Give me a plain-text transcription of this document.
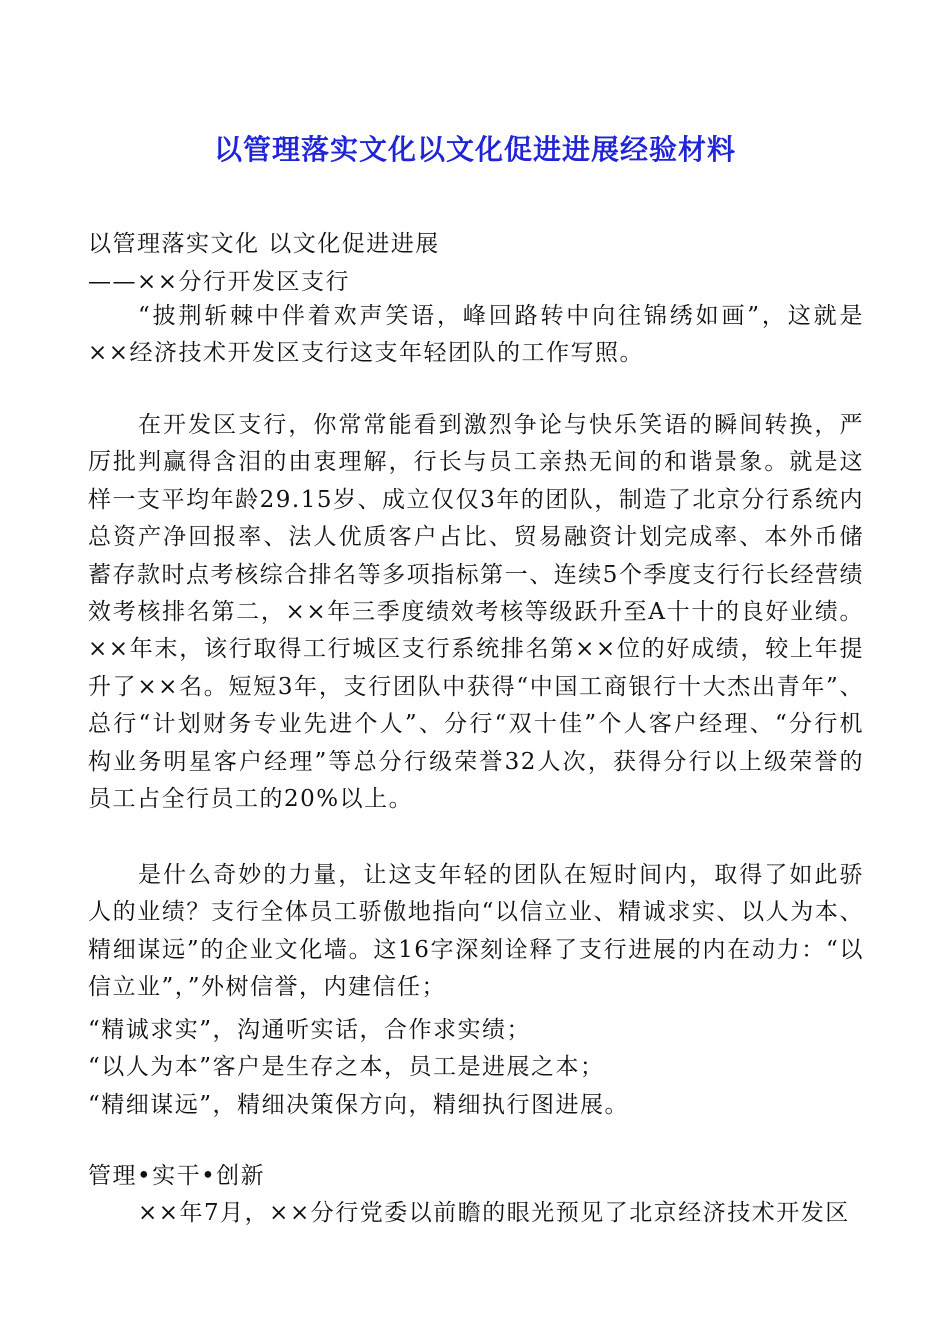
以管理落实文化以文化促进进展经验材料

以管理落实文化 以文化促进进展

——××分行开发区支行

“披荆斩棘中伴着欢声笑语，峰回路转中向往锦绣如画”，这就是××经济技术开发区支行这支年轻团队的工作写照。

在开发区支行，你常常能看到激烈争论与快乐笑语的瞬间转换，严厉批判赢得含泪的由衷理解，行长与员工亲热无间的和谐景象。就是这样一支平均年龄29.15岁、成立仅仅3年的团队，制造了北京分行系统内总资产净回报率、法人优质客户占比、贸易融资计划完成率、本外币储蓄存款时点考核综合排名等多项指标第一、连续5个季度支行行长经营绩效考核排名第二，××年三季度绩效考核等级跃升至A十十的良好业绩。××年末，该行取得工行城区支行系统排名第××位的好成绩，较上年提升了××名。短短3年，支行团队中获得“中国工商银行十大杰出青年”、总行“计划财务专业先进个人”、分行“双十佳”个人客户经理、“分行机构业务明星客户经理”等总分行级荣誉32人次，获得分行以上级荣誉的员工占全行员工的20%以上。

是什么奇妙的力量，让这支年轻的团队在短时间内，取得了如此骄人的业绩？支行全体员工骄傲地指向“以信立业、精诚求实、以人为本、精细谋远”的企业文化墙。这16字深刻诠释了支行进展的内在动力：“以信立业”，”外树信誉，内建信任；

“精诚求实”，沟通听实话，合作求实绩；

“以人为本”客户是生存之本，员工是进展之本；

“精细谋远”，精细决策保方向，精细执行图进展。

管理•实干•创新

××年7月，××分行党委以前瞻的眼光预见了北京经济技术开发区
